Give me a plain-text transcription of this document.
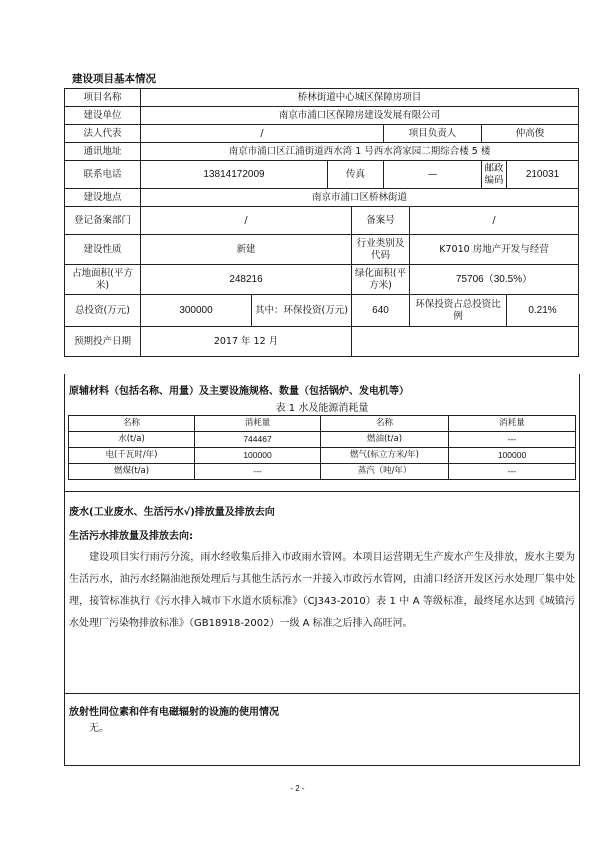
建设项目基本情况
项目名称	桥林街道中心城区保障房项目							
建设单位	南京市浦口区保障房建设发展有限公司							
法人代表	/				项目负责人		仲高俊	
通讯地址	南京市浦口区江浦街道西水湾 1 号西水湾家园二期综合楼 5 楼							
联系电话	13814172009		传真		—		邮政编码	210031
建设地点	南京市浦口区桥林街道							
登记备案部门	/			备案号		/		
建设性质	新建			行业类别及代码		K7010 房地产开发与经营		
占地面积(平方米)	248216			绿化面积(平方米)		75706（30.5%）		
总投资(万元)	300000	其中：环保投资(万元)		640		环保投资占总投资比例		0.21%
预期投产日期	2017 年 12 月							
原辅材料（包括名称、用量）及主要设施规格、数量（包括锅炉、发电机等）
表 1 水及能源消耗量
名称	消耗量	名称	消耗量
水(t/a)	744467	燃油(t/a)	---
电(千瓦时/年)	100000	燃气(标立方米/年)	100000
燃煤(t/a)	---	蒸汽（吨/年）	---
废水(工业废水、生活污水√)排放量及排放去向
生活污水排放量及排放去向:
建设项目实行雨污分流，雨水经收集后排入市政雨水管网。本项目运营期无生产废水产生及排放，废水主要为生活污水，油污水经隔油池预处理后与其他生活污水一并接入市政污水管网，由浦口经济开发区污水处理厂集中处理，接管标准执行《污水排入城市下水道水质标准》（CJ343-2010）表 1 中 A 等级标准，最终尾水达到《城镇污水处理厂污染物排放标准》（GB18918-2002）一级 A 标准之后排入高旺河。
放射性同位素和伴有电磁辐射的设施的使用情况
无。
- 2 -
